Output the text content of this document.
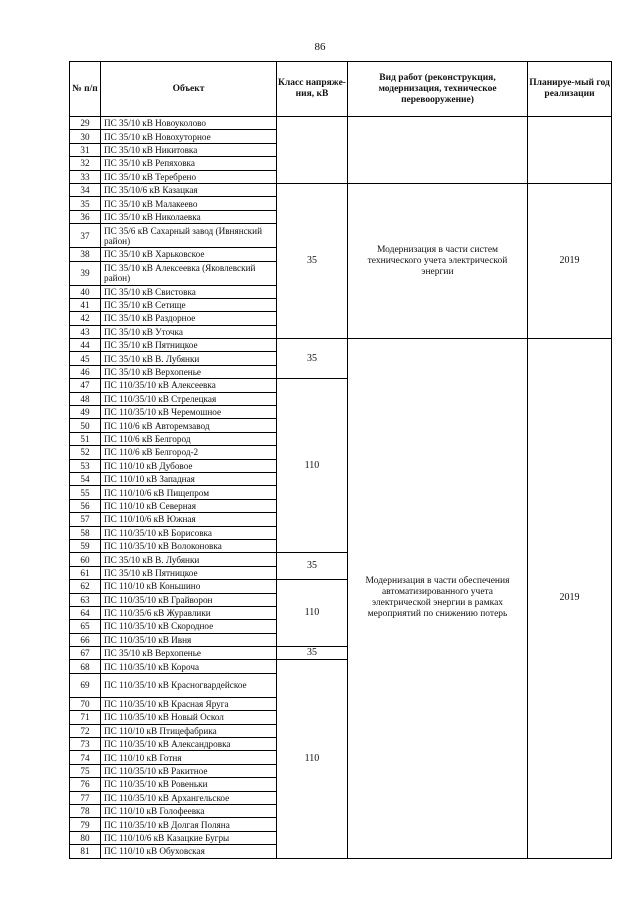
86
№ п/п	Объект	Класс напряже-ния, кВ	Вид работ (реконструкция, модернизация, техническое перевооружение)	Планируе-мый год реализации
29	ПС 35/10 кВ Новоуколово			
30	ПС 35/10 кВ Новохуторное			
31	ПС 35/10 кВ Никитовка			
32	ПС 35/10 кВ Репяховка			
33	ПС 35/10 кВ Теребрено			
34	ПС 35/10/6 кВ Казацкая	35	Модернизация в части систем технического учета электрической энергии	2019
35	ПС 35/10 кВ Малакеево			
36	ПС 35/10 кВ Николаевка			
37	ПС 35/6 кВ Сахарный завод (Ивнянский район)			
38	ПС 35/10 кВ Харьковское			
39	ПС 35/10 кВ Алексеевка (Яковлевский район)			
40	ПС 35/10 кВ Свистовка			
41	ПС 35/10 кВ Сетище			
42	ПС 35/10 кВ Раздорное			
43	ПС 35/10 кВ Уточка			
44	ПС 35/10 кВ Пятницкое	35	Модернизация в части обеспечения автоматизированного учета электрической энергии в рамках мероприятий по снижению потерь	2019
45	ПС 35/10 кВ В. Лубянки			
46	ПС 35/10 кВ Верхопенье			
47	ПС 110/35/10 кВ Алексеевка	110		
48	ПС 110/35/10 кВ Стрелецкая			
49	ПС 110/35/10 кВ Черемошное			
50	ПС 110/6 кВ Авторемзавод			
51	ПС 110/6 кВ Белгород			
52	ПС 110/6 кВ Белгород-2			
53	ПС 110/10 кВ Дубовое			
54	ПС 110/10 кВ Западная			
55	ПС 110/10/6 кВ Пищепром			
56	ПС 110/10 кВ Северная			
57	ПС 110/10/6 кВ Южная			
58	ПС 110/35/10 кВ Борисовка			
59	ПС 110/35/10 кВ Волоконовка			
60	ПС 35/10 кВ В. Лубянки	35		
61	ПС 35/10 кВ Пятницкое			
62	ПС 110/10 кВ Коньшино	110		
63	ПС 110/35/10 кВ Грайворон			
64	ПС 110/35/6 кВ Журавлики			
65	ПС 110/35/10 кВ Скородное			
66	ПС 110/35/10 кВ Ивня			
67	ПС 35/10 кВ Верхопенье	35		
68	ПС 110/35/10 кВ Короча	110		
69	ПС 110/35/10 кВ Красногвардейское			
70	ПС 110/35/10 кВ Красная Яруга			
71	ПС 110/35/10 кВ Новый Оскол			
72	ПС 110/10 кВ Птицефабрика			
73	ПС 110/35/10 кВ Александровка			
74	ПС 110/10 кВ Готня			
75	ПС 110/35/10 кВ Ракитное			
76	ПС 110/35/10 кВ Ровеньки			
77	ПС 110/35/10 кВ Архангельское			
78	ПС 110/10 кВ Голофеевка			
79	ПС 110/35/10 кВ Долгая Поляна			
80	ПС 110/10/6 кВ Казацкие Бугры			
81	ПС 110/10 кВ Обуховская			
